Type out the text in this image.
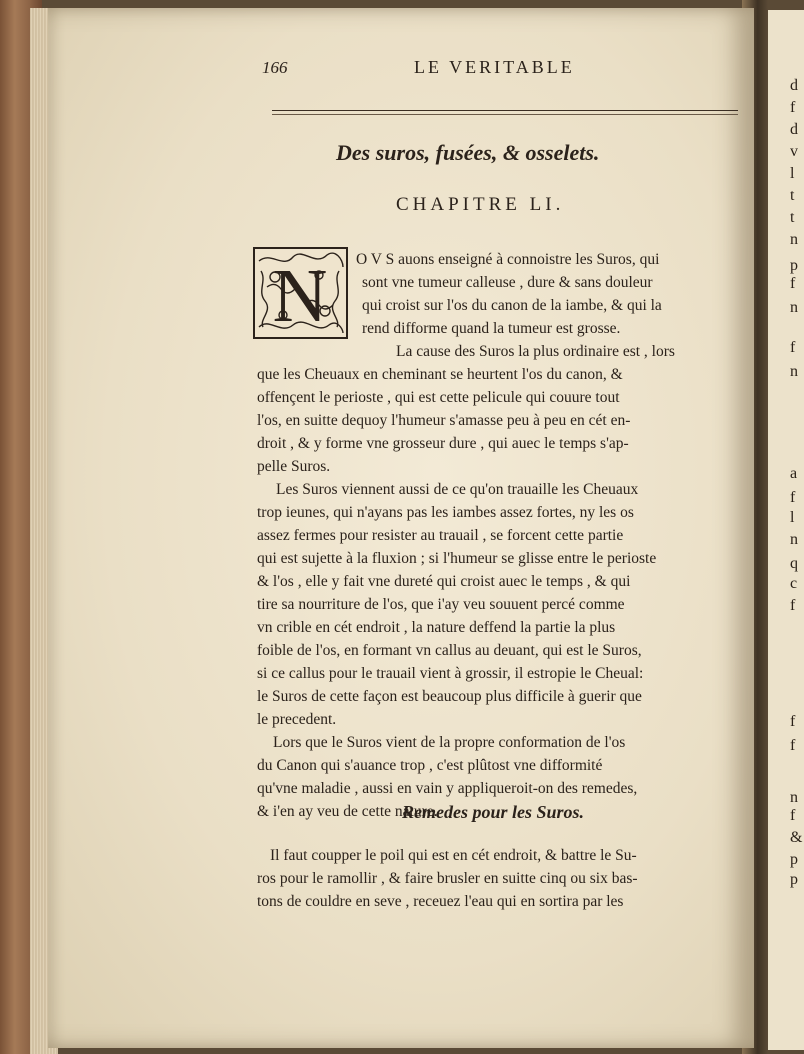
166	LE VERITABLE
Des suros, fusées, & osselets.
CHAPITRE LI.
N O V S auons enseigné à connoistre les Suros, qui
sont vne tumeur calleuse , dure & sans douleur
qui croist sur l'os du canon de la iambe, & qui la
rend difforme quand la tumeur est grosse.
La cause des Suros la plus ordinaire est , lors
que les Cheuaux en cheminant se heurtent l'os du canon, &
offençent le perioste , qui est cette pelicule qui couure tout
l'os, en suitte dequoy l'humeur s'amasse peu à peu en cét en-
droit , & y forme vne grosseur dure , qui auec le temps s'ap-
pelle Suros.
Les Suros viennent aussi de ce qu'on trauaille les Cheuaux
trop ieunes, qui n'ayans pas les iambes assez fortes, ny les os
assez fermes pour resister au trauail , se forcent cette partie
qui est sujette à la fluxion ; si l'humeur se glisse entre le perioste
& l'os , elle y fait vne dureté qui croist auec le temps , & qui
tire sa nourriture de l'os, que i'ay veu souuent percé comme
vn crible en cét endroit , la nature deffend la partie la plus
foible de l'os, en formant vn callus au deuant, qui est le Suros,
si ce callus pour le trauail vient à grossir, il estropie le Cheual:
le Suros de cette façon est beaucoup plus difficile à guerir que
le precedent.
Lors que le Suros vient de la propre conformation de l'os
du Canon qui s'auance trop , c'est plûtost vne difformité
qu'vne maladie , aussi en vain y appliqueroit-on des remedes,
& i'en ay veu de cette nature.
Remedes pour les Suros.
Il faut coupper le poil qui est en cét endroit, & battre le Su-
ros pour le ramollir , & faire brusler en suitte cinq ou six bas-
tons de couldre en seve , receuez l'eau qui en sortira par les
d
f
d
v
l
t
t
n
p
f
n
f
n
a
f
l
n
q
c
f
f
f
n
f
&
p
p
